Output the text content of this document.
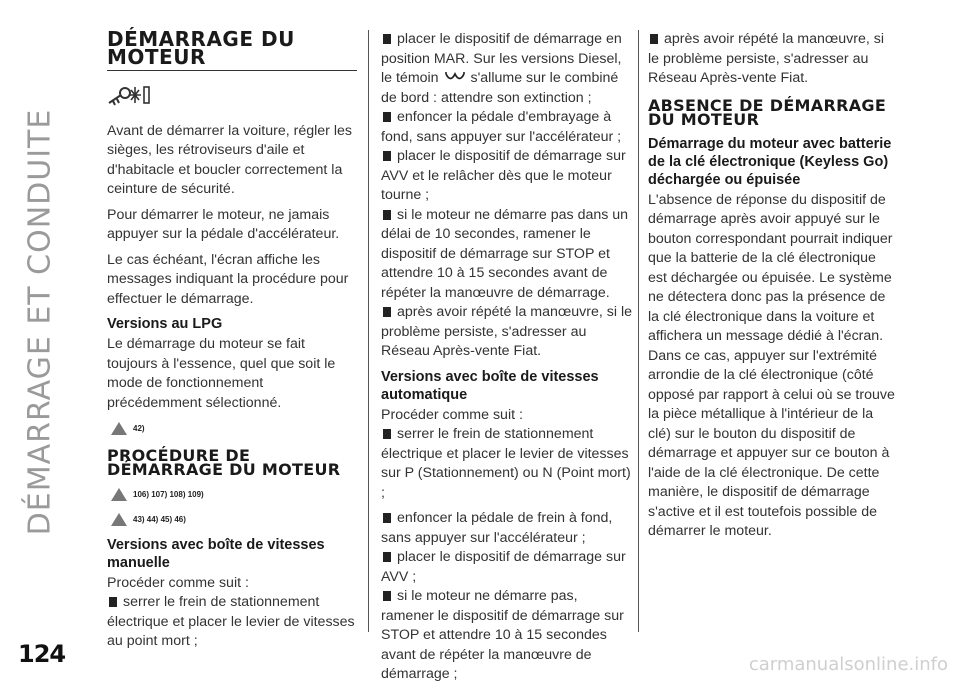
DÉMARRAGE ET CONDUITE
124	carmanualsonline.info
DÉMARRAGE DU MOTEUR

Avant de démarrer la voiture, régler les sièges, les rétroviseurs d'aile et d'habitacle et boucler correctement la ceinture de sécurité.

Pour démarrer le moteur, ne jamais appuyer sur la pédale d'accélérateur.

Le cas échéant, l'écran affiche les messages indiquant la procédure pour effectuer le démarrage.

Versions au LPG

Le démarrage du moteur se fait toujours à l'essence, quel que soit le mode de fonctionnement précédemment sélectionné.

42)
PROCÉDURE DE DÉMARRAGE DU MOTEUR
106) 107) 108) 109)
43) 44) 45) 46)
Versions avec boîte de vitesses manuelle

Procéder comme suit :

serrer le frein de stationnement électrique et placer le levier de vitesses au point mort ;
placer le dispositif de démarrage en position MAR. Sur les versions Diesel, le témoin s'allume sur le combiné de bord : attendre son extinction ;
enfoncer la pédale d'embrayage à fond, sans appuyer sur l'accélérateur ;
placer le dispositif de démarrage sur AVV et le relâcher dès que le moteur tourne ;
si le moteur ne démarre pas dans un délai de 10 secondes, ramener le dispositif de démarrage sur STOP et attendre 10 à 15 secondes avant de répéter la manœuvre de démarrage.
après avoir répété la manœuvre, si le problème persiste, s'adresser au Réseau Après-vente Fiat.
Versions avec boîte de vitesses automatique

Procéder comme suit :

serrer le frein de stationnement électrique et placer le levier de vitesses sur P (Stationnement) ou N (Point mort) ;
enfoncer la pédale de frein à fond, sans appuyer sur l'accélérateur ;
placer le dispositif de démarrage sur AVV ;
si le moteur ne démarre pas, ramener le dispositif de démarrage sur STOP et attendre 10 à 15 secondes avant de répéter la manœuvre de démarrage ;
après avoir répété la manœuvre, si le problème persiste, s'adresser au Réseau Après-vente Fiat.
ABSENCE DE DÉMARRAGE DU MOTEUR
Démarrage du moteur avec batterie de la clé électronique (Keyless Go) déchargée ou épuisée

L'absence de réponse du dispositif de démarrage après avoir appuyé sur le bouton correspondant pourrait indiquer que la batterie de la clé électronique est déchargée ou épuisée. Le système ne détectera donc pas la présence de la clé électronique dans la voiture et affichera un message dédié à l'écran. Dans ce cas, appuyer sur l'extrémité arrondie de la clé électronique (côté opposé par rapport à celui où se trouve la pièce métallique à l'intérieur de la clé) sur le bouton du dispositif de démarrage et appuyer sur ce bouton à l'aide de la clé électronique. De cette manière, le dispositif de démarrage s'active et il est toutefois possible de démarrer le moteur.
